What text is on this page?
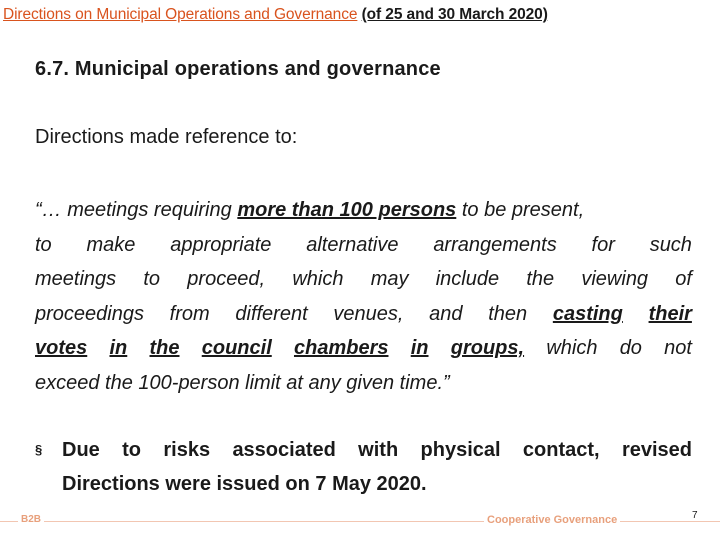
Directions on Municipal Operations and Governance (of 25 and 30 March 2020)
6.7. Municipal operations and governance
Directions made reference to:
“… meetings requiring more than 100 persons to be present,
to make appropriate alternative arrangements for such
meetings to proceed, which may include the viewing of
proceedings from different venues, and then casting their
votes in the council chambers in groups, which do not
exceed the 100-person limit at any given time.”
§ Due to risks associated with physical contact, revised
Directions were issued on 7 May 2020.
B2B	Cooperative Governance	7
